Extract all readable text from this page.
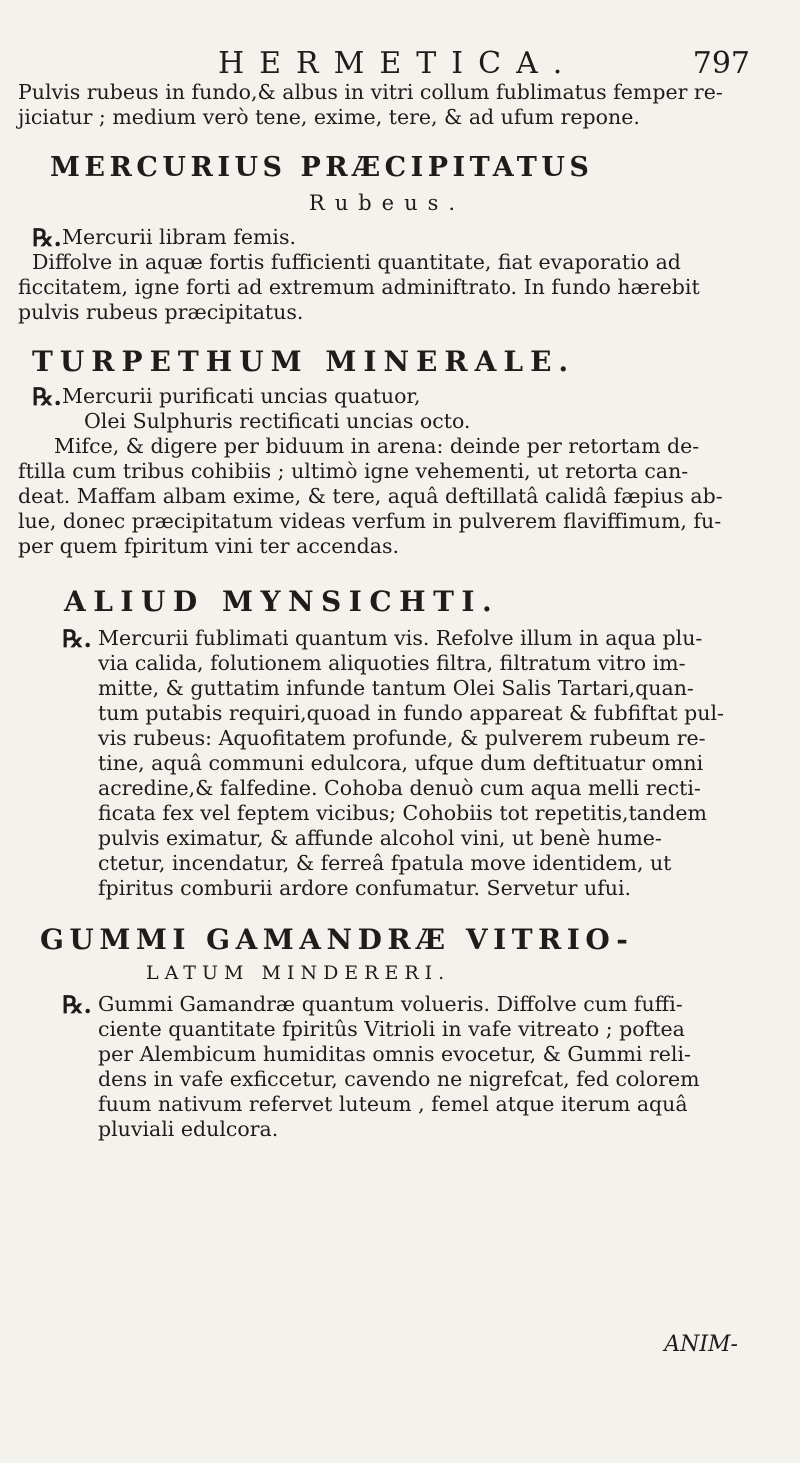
HERMETICA.	797

Pulvis rubeus in fundo,& albus in vitri collum fublimatus femper re-

jiciatur ; medium verò tene, exime, tere, & ad ufum repone.

MERCURIUS PRÆCIPITATUS
Rubeus.
℞. Mercurii libram femis.

Diffolve in aquæ fortis fufficienti quantitate, fiat evaporatio ad

ficcitatem, igne forti ad extremum adminiftrato. In fundo hærebit

pulvis rubeus præcipitatus.

TURPETHUM MINERALE.
℞. Mercurii purificati uncias quatuor,

Olei Sulphuris rectificati uncias octo.

Mifce, & digere per biduum in arena: deinde per retortam de-

ftilla cum tribus cohibiis ; ultimò igne vehementi, ut retorta can-

deat. Maffam albam exime, & tere, aquâ deftillatâ calidâ fæpius ab-

lue, donec præcipitatum videas verfum in pulverem flaviffimum, fu-

per quem fpiritum vini ter accendas.

ALIUD MYNSICHTI.
℞. Mercurii fublimati quantum vis. Refolve illum in aqua plu-

via calida, folutionem aliquoties filtra, filtratum vitro im-

mitte, & guttatim infunde tantum Olei Salis Tartari,quan-

tum putabis requiri,quoad in fundo appareat & fubfiftat pul-

vis rubeus: Aquofitatem profunde, & pulverem rubeum re-

tine, aquâ communi edulcora, ufque dum deftituatur omni

acredine,& falfedine. Cohoba denuò cum aqua melli rectі-

ficata fex vel feptem vicibus; Cohobiis tot repetitis,tandem

pulvis eximatur, & affunde alcohol vini, ut benè hume-

ctetur, incendatur, & ferreâ fpatula move identidem, ut

fpiritus comburii ardore confumatur. Servetur ufui.

GUMMI GAMANDRÆ VITRIO-
LATUM MINDERERI.
℞. Gummi Gamandræ quantum volueris. Diffolve cum fuffi-

ciente quantitate fpiritûs Vitrioli in vafe vitreato ; poftea

per Alembicum humiditas omnis evocetur, & Gummi reli-

dens in vafe exficcetur, cavendo ne nigrefcat, fed colorem

fuum nativum refervet luteum , femel atque iterum aquâ

pluviali edulcora.

ANIM-
